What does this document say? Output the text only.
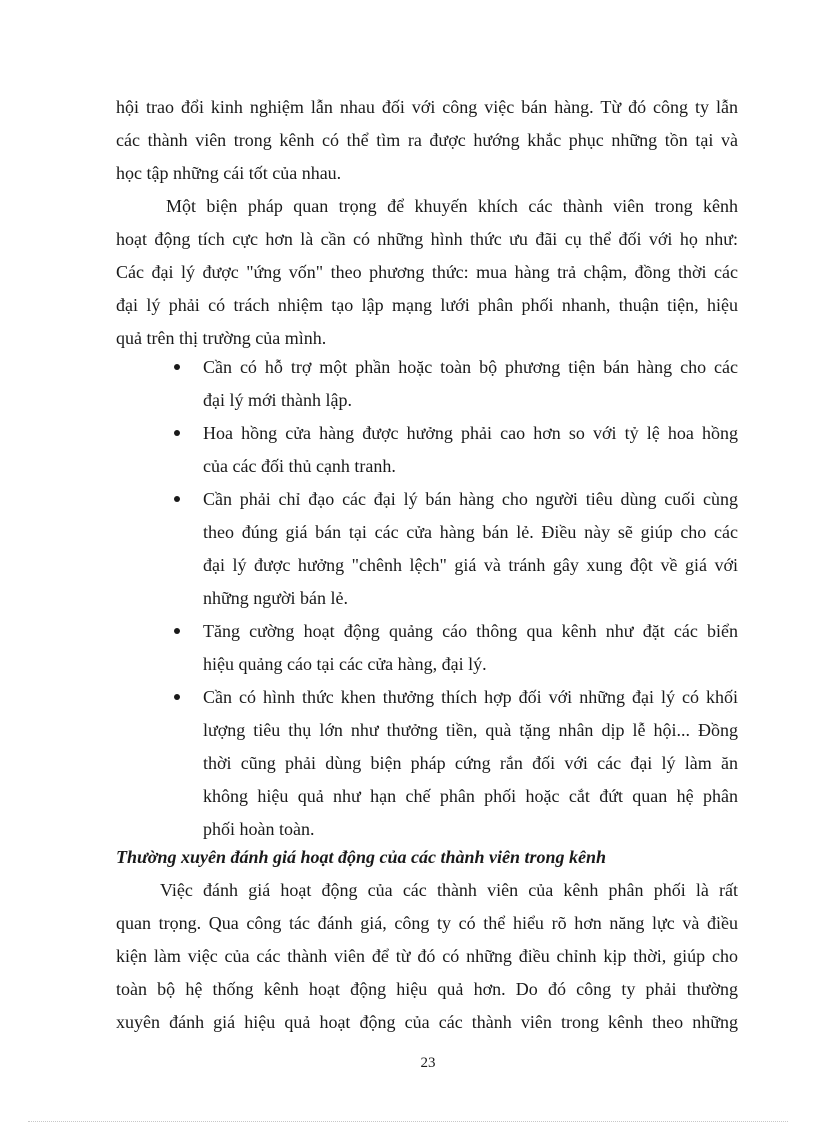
hội trao đổi kinh nghiệm lẫn nhau đối với công việc bán hàng. Từ đó công ty lẫn
các thành viên trong kênh có thể tìm ra được hướng khắc phục những tồn tại và
học tập những cái tốt của nhau.
Một biện pháp quan trọng để khuyến khích các thành viên trong kênh
hoạt động tích cực hơn là cần có những hình thức ưu đãi cụ thể đối với họ như:
Các đại lý được "ứng vốn" theo phương thức: mua hàng trả chậm, đồng thời các
đại lý phải có trách nhiệm tạo lập mạng lưới phân phối nhanh, thuận tiện, hiệu
quả trên thị trường của mình.
Cần có hỗ trợ một phần hoặc toàn bộ phương tiện bán hàng cho các
đại lý mới thành lập.
Hoa hồng cửa hàng được hưởng phải cao hơn so với tỷ lệ hoa hồng
của các đối thủ cạnh tranh.
Cần phải chỉ đạo các đại lý bán hàng cho người tiêu dùng cuối cùng
theo đúng giá bán tại các cửa hàng bán lẻ. Điều này sẽ giúp cho các
đại lý được hưởng "chênh lệch" giá và tránh gây xung đột về giá với
những người bán lẻ.
Tăng cường hoạt động quảng cáo thông qua kênh như đặt các biển
hiệu quảng cáo tại các cửa hàng, đại lý.
Cần có hình thức khen thưởng thích hợp đối với những đại lý có khối
lượng tiêu thụ lớn như thưởng tiền, quà tặng nhân dịp lễ hội... Đồng
thời cũng phải dùng biện pháp cứng rắn đối với các đại lý làm ăn
không hiệu quả như hạn chế phân phối hoặc cắt đứt quan hệ phân
phối hoàn toàn.
Thường xuyên đánh giá hoạt động của các thành viên trong kênh
Việc đánh giá hoạt động của các thành viên của kênh phân phối là rất
quan trọng. Qua công tác đánh giá, công ty có thể hiểu rõ hơn năng lực và điều
kiện làm việc của các thành viên để từ đó có những điều chỉnh kịp thời, giúp cho
toàn bộ hệ thống kênh hoạt động hiệu quả hơn. Do đó công ty phải thường
xuyên đánh giá hiệu quả hoạt động của các thành viên trong kênh theo những
23
